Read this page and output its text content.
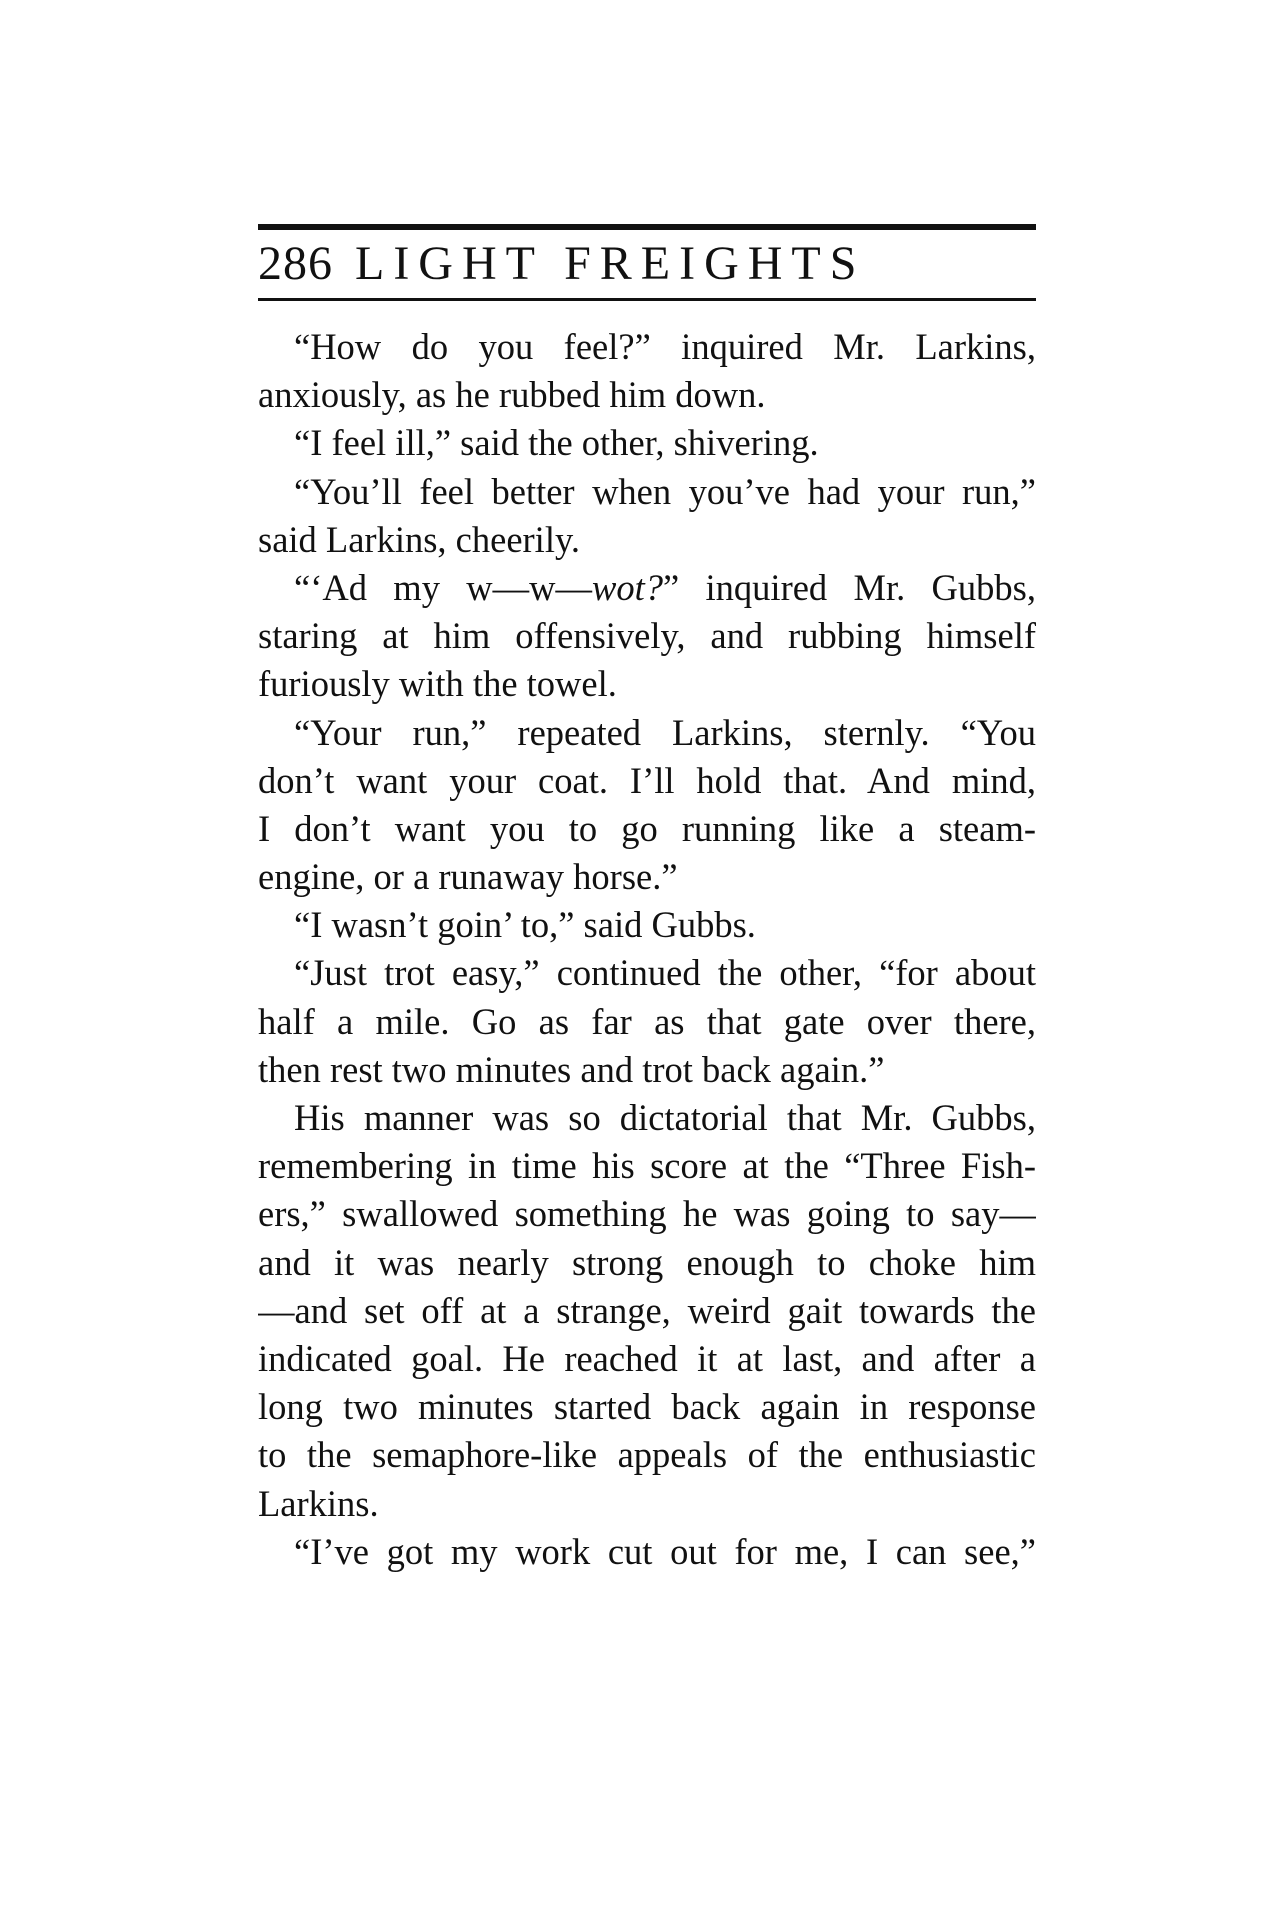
286 LIGHT FREIGHTS
“How do you feel?” inquired Mr. Larkins,
anxiously, as he rubbed him down.
“I feel ill,” said the other, shivering.
“You’ll feel better when you’ve had your run,”
said Larkins, cheerily.
“‘Ad my w—w—wot?” inquired Mr. Gubbs,
staring at him offensively, and rubbing himself
furiously with the towel.
“Your run,” repeated Larkins, sternly. “You
don’t want your coat. I’ll hold that. And mind,
I don’t want you to go running like a steam-
engine, or a runaway horse.”
“I wasn’t goin’ to,” said Gubbs.
“Just trot easy,” continued the other, “for about
half a mile. Go as far as that gate over there,
then rest two minutes and trot back again.”
His manner was so dictatorial that Mr. Gubbs,
remembering in time his score at the “Three Fish-
ers,” swallowed something he was going to say—
and it was nearly strong enough to choke him
—and set off at a strange, weird gait towards the
indicated goal. He reached it at last, and after a
long two minutes started back again in response
to the semaphore-like appeals of the enthusiastic
Larkins.
“I’ve got my work cut out for me, I can see,”
